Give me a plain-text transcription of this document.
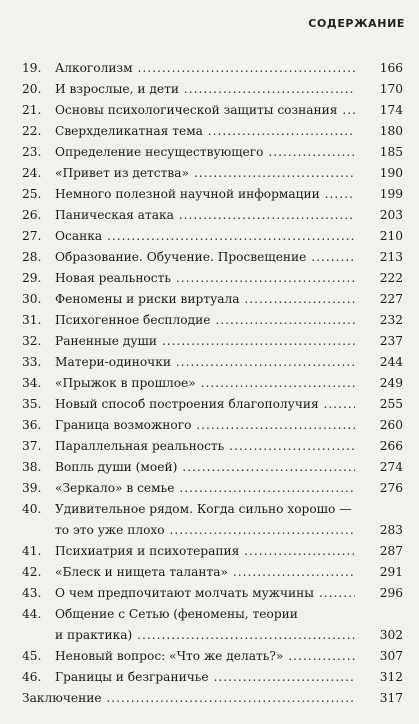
СОДЕРЖАНИЕ
19. Алкоголизм .....	166
20. И взрослые, и дети .....	170
21. Основы психологической защиты сознания .....	174
22. Сверхделикатная тема .....	180
23. Определение несуществующего .....	185
24. «Привет из детства» .....	190
25. Немного полезной научной информации .....	199
26. Паническая атака .....	203
27. Осанка .....	210
28. Образование. Обучение. Просвещение .....	213
29. Новая реальность .....	222
30. Феномены и риски виртуала .....	227
31. Психогенное бесплодие .....	232
32. Раненные души .....	237
33. Матери-одиночки .....	244
34. «Прыжок в прошлое» .....	249
35. Новый способ построения благополучия .....	255
36. Граница возможного .....	260
37. Параллельная реальность .....	266
38. Вопль души (моей) .....	274
39. «Зеркало» в семье .....	276
40. Удивительное рядом. Когда сильно хорошо —
то это уже плохо .....	283
41. Психиатрия и психотерапия .....	287
42. «Блеск и нищета таланта» .....	291
43. О чем предпочитают молчать мужчины .....	296
44. Общение с Сетью (феномены, теории
и практика) .....	302
45. Неновый вопрос: «Что же делать?» .....	307
46. Границы и безграничье .....	312
Заключение .....	317
